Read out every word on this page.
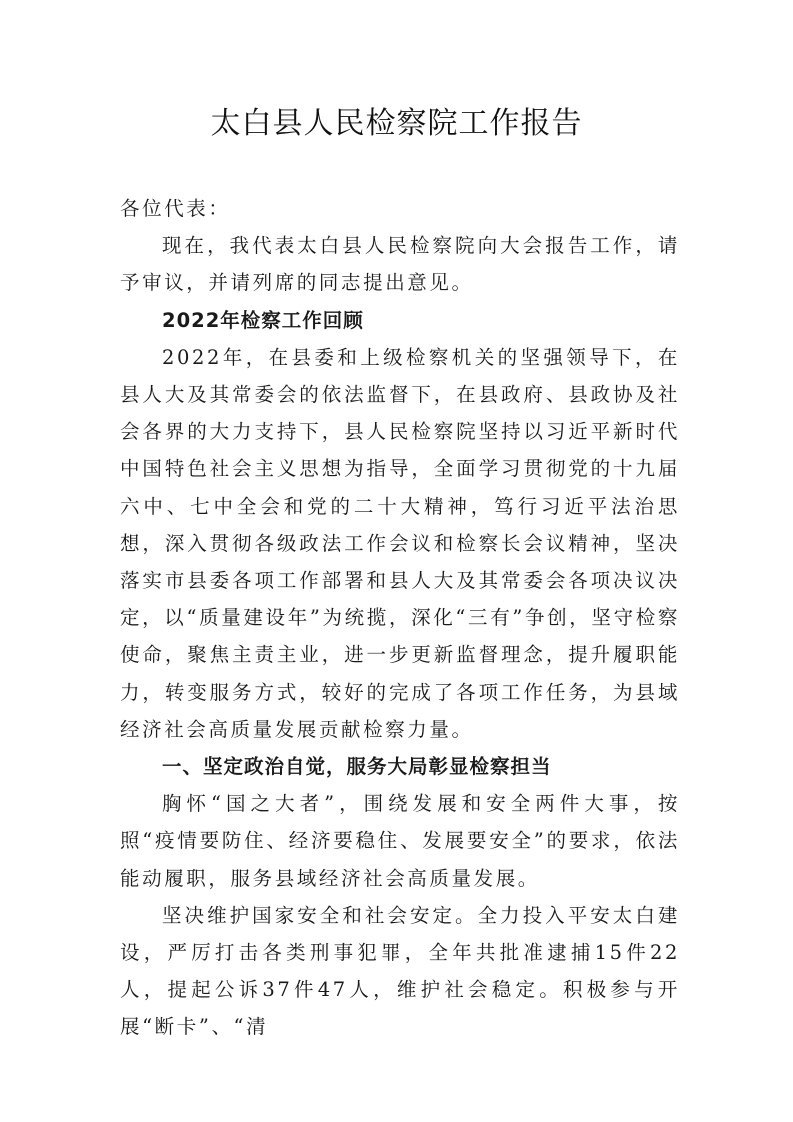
太白县人民检察院工作报告

各位代表：

现在，我代表太白县人民检察院向大会报告工作，请予审议，并请列席的同志提出意见。

2022年检察工作回顾

2022年，在县委和上级检察机关的坚强领导下，在县人大及其常委会的依法监督下，在县政府、县政协及社会各界的大力支持下，县人民检察院坚持以习近平新时代中国特色社会主义思想为指导，全面学习贯彻党的十九届六中、七中全会和党的二十大精神，笃行习近平法治思想，深入贯彻各级政法工作会议和检察长会议精神，坚决落实市县委各项工作部署和县人大及其常委会各项决议决定，以“质量建设年”为统揽，深化“三有”争创，坚守检察使命，聚焦主责主业，进一步更新监督理念，提升履职能力，转变服务方式，较好的完成了各项工作任务，为县域经济社会高质量发展贡献检察力量。

一、坚定政治自觉，服务大局彰显检察担当

胸怀“国之大者”，围绕发展和安全两件大事，按照“疫情要防住、经济要稳住、发展要安全”的要求，依法能动履职，服务县域经济社会高质量发展。

坚决维护国家安全和社会安定。全力投入平安太白建设，严厉打击各类刑事犯罪，全年共批准逮捕15件22人，提起公诉37件47人，维护社会稳定。积极参与开展“断卡”、“清
